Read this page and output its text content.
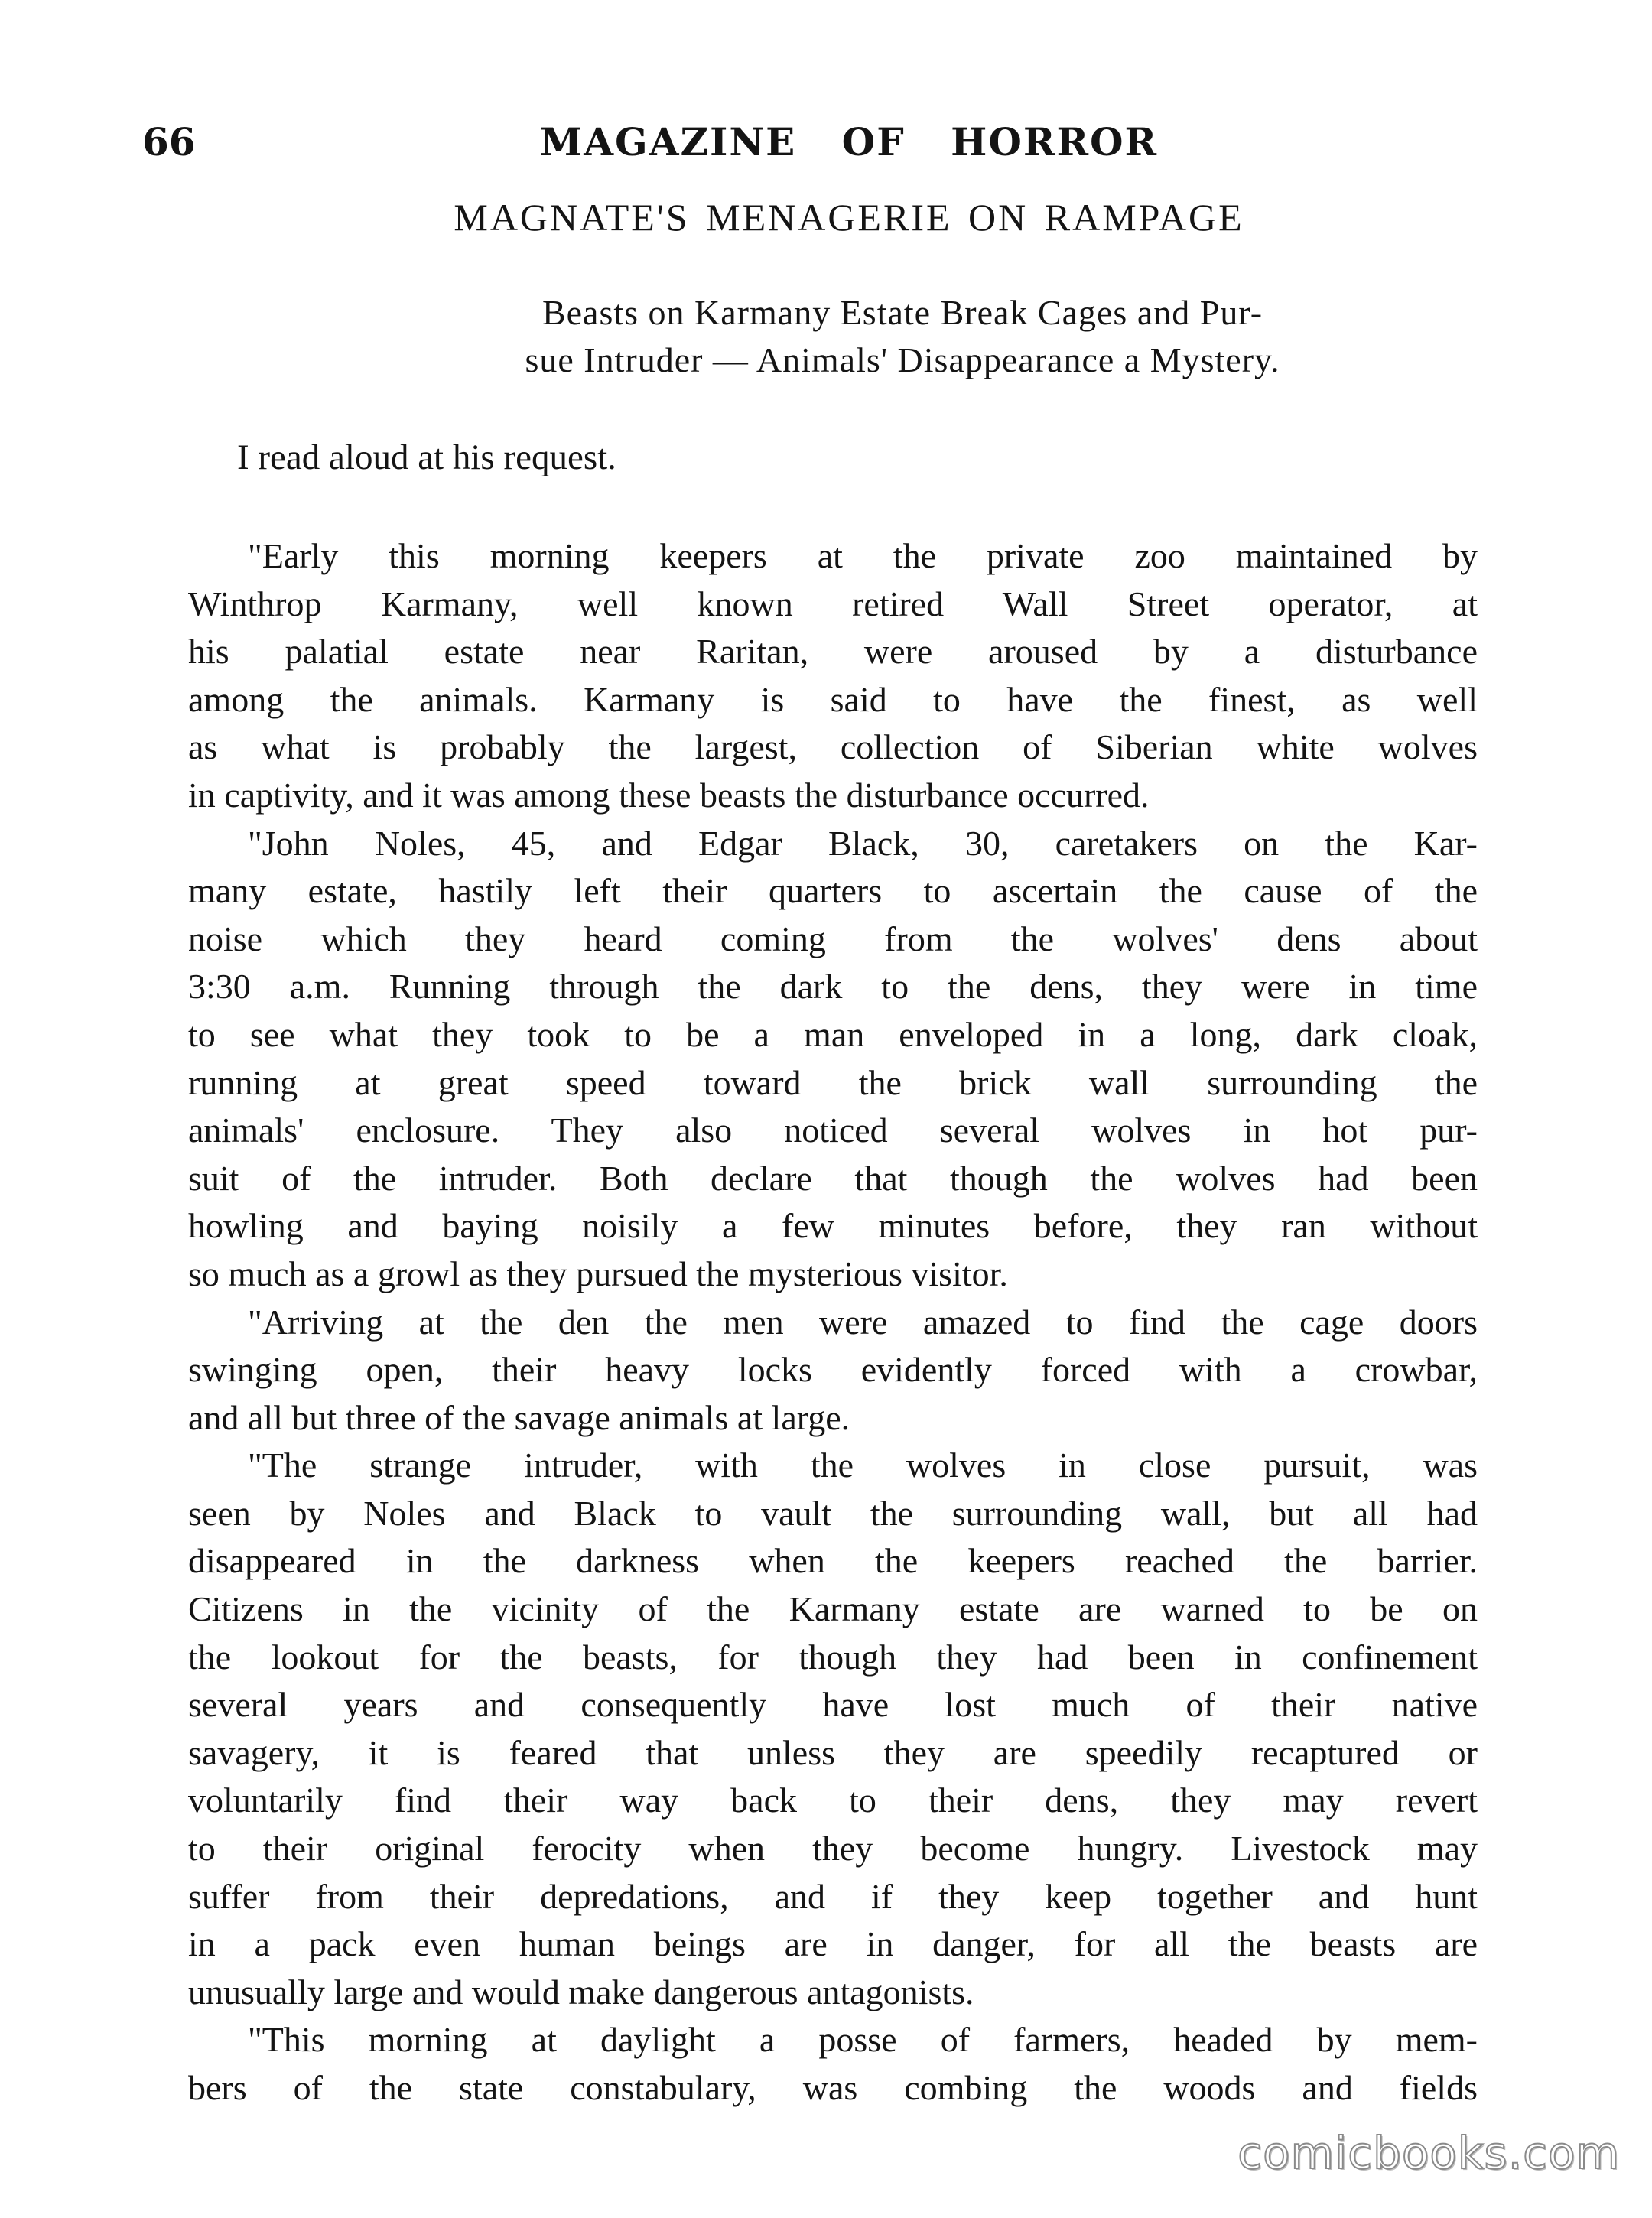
66	MAGAZINE OF HORROR
MAGNATE'S MENAGERIE ON RAMPAGE
Beasts on Karmany Estate Break Cages and Pur-
sue Intruder — Animals' Disappearance a Mystery.

I read aloud at his request.

"Early this morning keepers at the private zoo maintained by
Winthrop Karmany, well known retired Wall Street operator, at
his palatial estate near Raritan, were aroused by a disturbance
among the animals. Karmany is said to have the finest, as well
as what is probably the largest, collection of Siberian white wolves
in captivity, and it was among these beasts the disturbance occurred.

"John Noles, 45, and Edgar Black, 30, caretakers on the Kar-
many estate, hastily left their quarters to ascertain the cause of the
noise which they heard coming from the wolves' dens about
3:30 a.m. Running through the dark to the dens, they were in time
to see what they took to be a man enveloped in a long, dark cloak,
running at great speed toward the brick wall surrounding the
animals' enclosure. They also noticed several wolves in hot pur-
suit of the intruder. Both declare that though the wolves had been
howling and baying noisily a few minutes before, they ran without
so much as a growl as they pursued the mysterious visitor.

"Arriving at the den the men were amazed to find the cage doors
swinging open, their heavy locks evidently forced with a crowbar,
and all but three of the savage animals at large.

"The strange intruder, with the wolves in close pursuit, was
seen by Noles and Black to vault the surrounding wall, but all had
disappeared in the darkness when the keepers reached the barrier.
Citizens in the vicinity of the Karmany estate are warned to be on
the lookout for the beasts, for though they had been in confinement
several years and consequently have lost much of their native
savagery, it is feared that unless they are speedily recaptured or
voluntarily find their way back to their dens, they may revert
to their original ferocity when they become hungry. Livestock may
suffer from their depredations, and if they keep together and hunt
in a pack even human beings are in danger, for all the beasts are
unusually large and would make dangerous antagonists.

"This morning at daylight a posse of farmers, headed by mem-
bers of the state constabulary, was combing the woods and fields

comicbooks.com
